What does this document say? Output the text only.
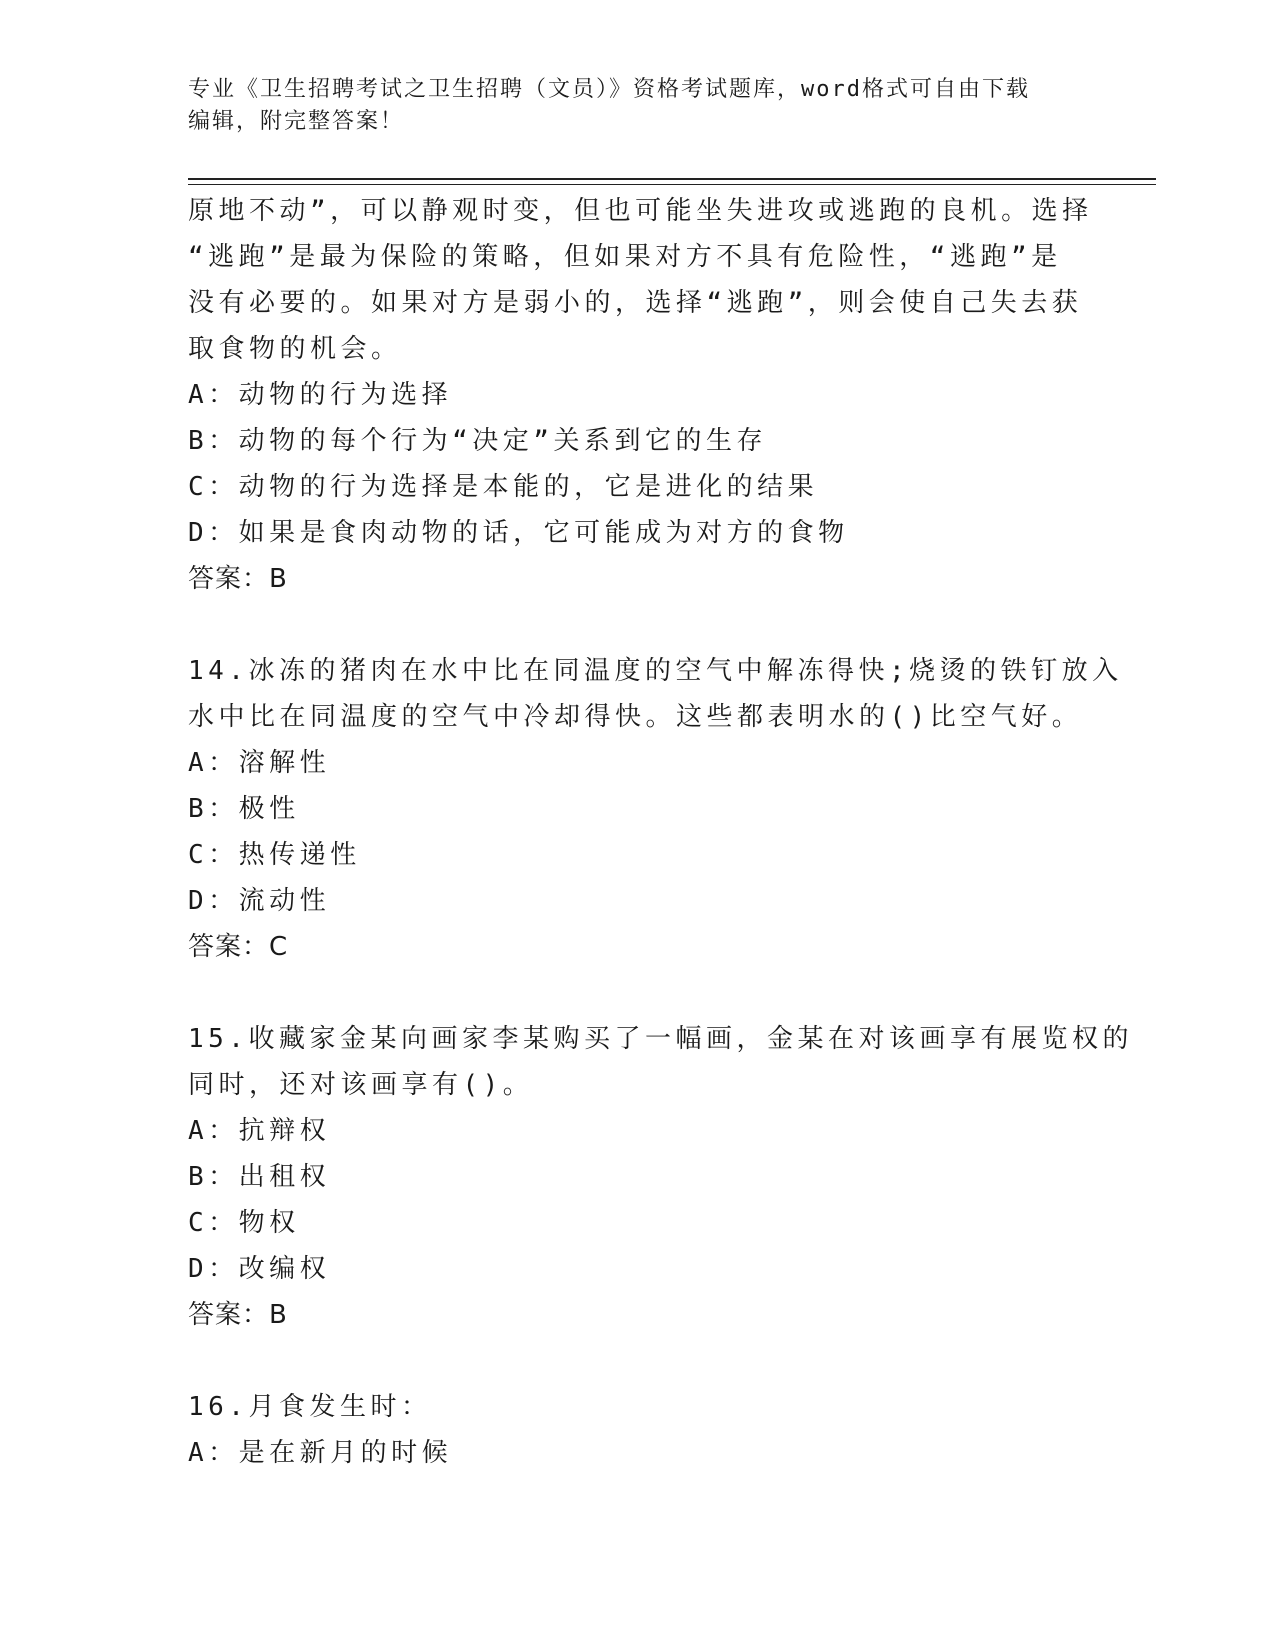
专业《卫生招聘考试之卫生招聘（文员）》资格考试题库，word格式可自由下载
编辑，附完整答案！
原地不动”，可以静观时变，但也可能坐失进攻或逃跑的良机。选择
“逃跑”是最为保险的策略，但如果对方不具有危险性，“逃跑”是
没有必要的。如果对方是弱小的，选择“逃跑”，则会使自己失去获
取食物的机会。
A：动物的行为选择
B：动物的每个行为“决定”关系到它的生存
C：动物的行为选择是本能的，它是进化的结果
D：如果是食肉动物的话，它可能成为对方的食物
答案：B
14.冰冻的猪肉在水中比在同温度的空气中解冻得快;烧烫的铁钉放入
水中比在同温度的空气中冷却得快。这些都表明水的()比空气好。
A：溶解性
B：极性
C：热传递性
D：流动性
答案：C
15.收藏家金某向画家李某购买了一幅画，金某在对该画享有展览权的
同时，还对该画享有()。
A：抗辩权
B：出租权
C：物权
D：改编权
答案：B
16.月食发生时：
A：是在新月的时候
